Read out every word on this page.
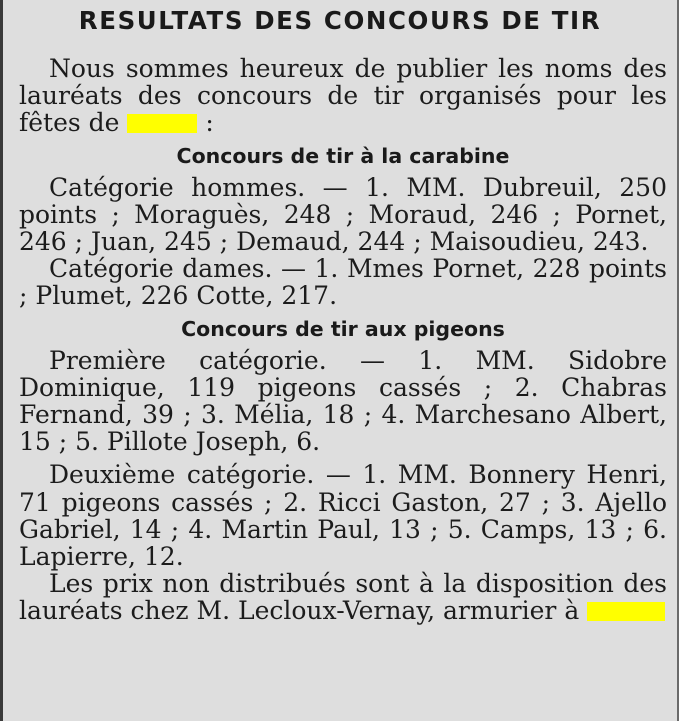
RESULTATS DES CONCOURS DE TIR

Nous sommes heureux de publier les noms des lauréats des concours de tir organisés pour les fêtes de	:

Concours de tir à la carabine

Catégorie hommes. — 1. MM. Dubreuil, 250 points ; Moraguès, 248 ; Moraud, 246 ; Pornet, 246 ; Juan, 245 ; Demaud, 244 ; Maisoudieu, 243.

Catégorie dames. — 1. Mmes Pornet, 228 points ; Plumet, 226 Cotte, 217.

Concours de tir aux pigeons

Première catégorie. — 1. MM. Sidobre Dominique, 119 pigeons cassés ; 2. Chabras Fernand, 39 ; 3. Mélia, 18 ; 4. Marchesano Albert, 15 ; 5. Pillote Joseph, 6.

Deuxième catégorie. — 1. MM. Bonnery Henri, 71 pigeons cassés ; 2. Ricci Gaston, 27 ; 3. Ajello Gabriel, 14 ; 4. Martin Paul, 13 ; 5. Camps, 13 ; 6. Lapierre, 12.

Les prix non distribués sont à la disposition des lauréats chez M. Lecloux-Vernay, armurier à
